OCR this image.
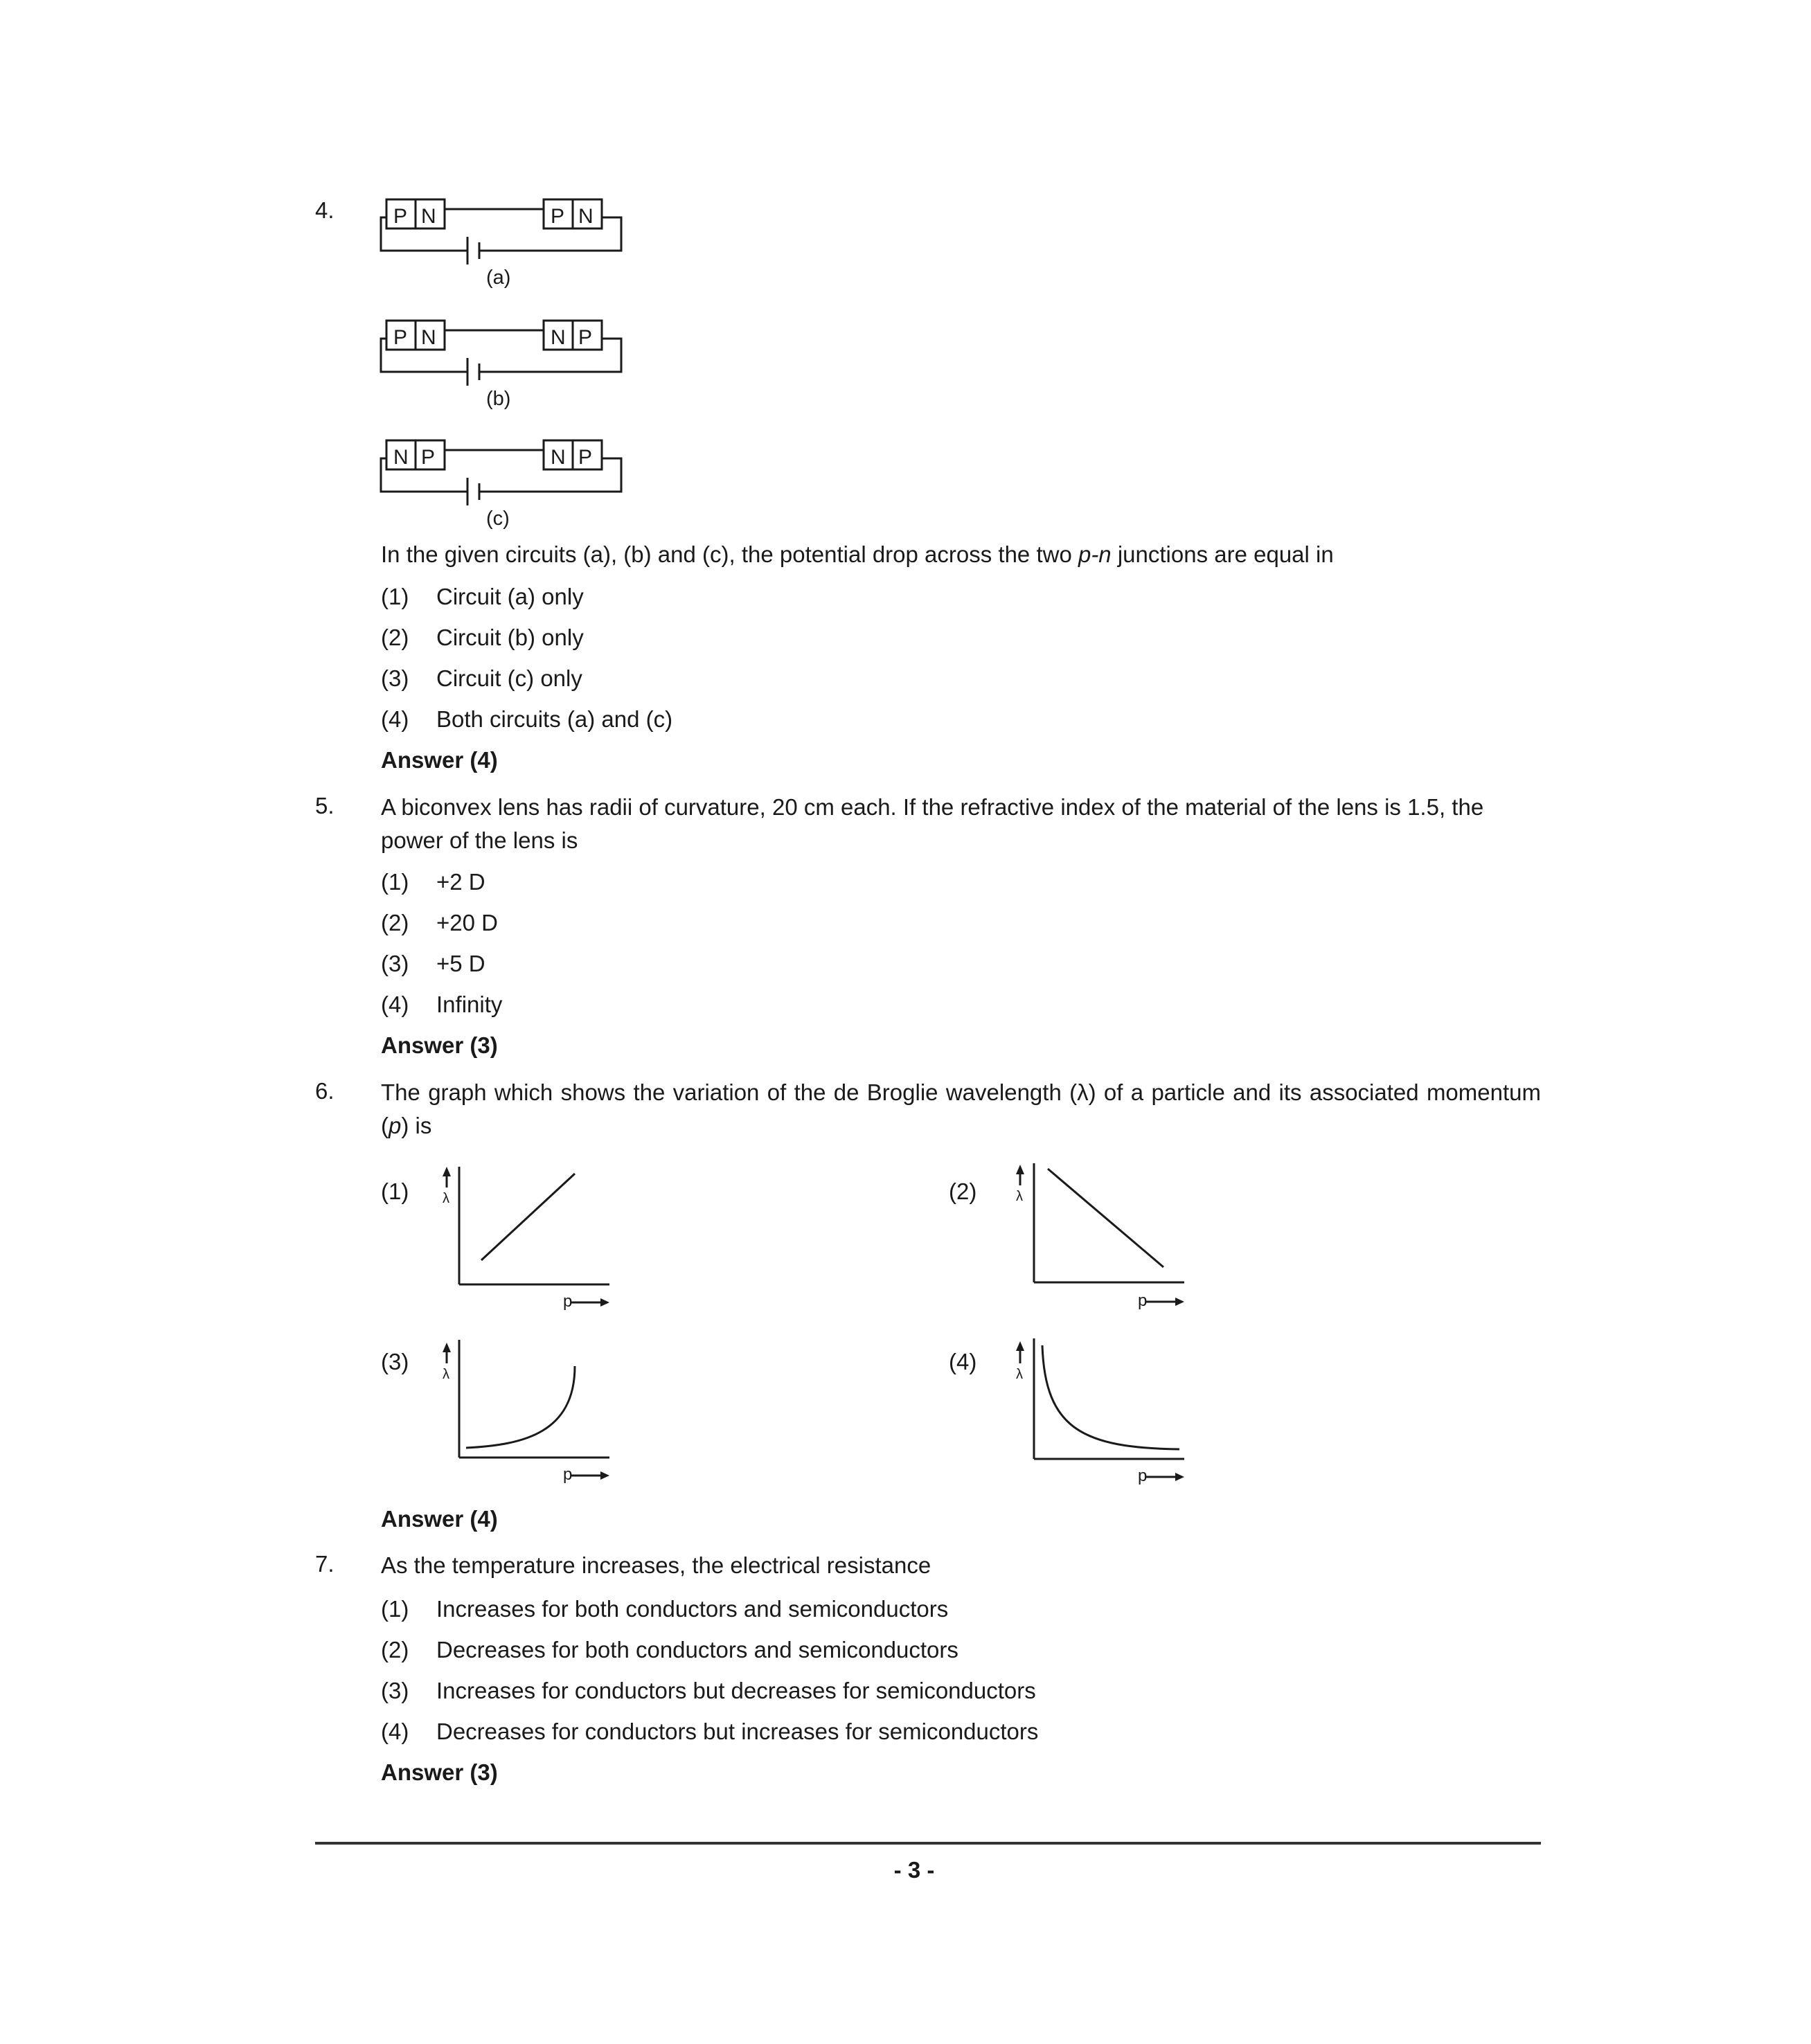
4.	P N	P N
(a)
P N	N P
(b)
N P	N P
(c)
In the given circuits (a), (b) and (c), the potential drop across the two p-n junctions are equal in
(1) Circuit (a) only
(2) Circuit (b) only
(3) Circuit (c) only
(4) Both circuits (a) and (c)
Answer (4)
5. A biconvex lens has radii of curvature, 20 cm each. If the refractive index of the material of the lens is 1.5, the power of the lens is
(1) +2 D
(2) +20 D
(3) +5 D
(4) Infinity
Answer (3)
6. The graph which shows the variation of the de Broglie wavelength (λ) of a particle and its associated momentum (p) is
(1)	(2)
(3)	(4)
λ
p
λ
p
λ
p
λ
p
Answer (4)
7. As the temperature increases, the electrical resistance
(1) Increases for both conductors and semiconductors
(2) Decreases for both conductors and semiconductors
(3) Increases for conductors but decreases for semiconductors
(4) Decreases for conductors but increases for semiconductors
Answer (3)
- 3 -
